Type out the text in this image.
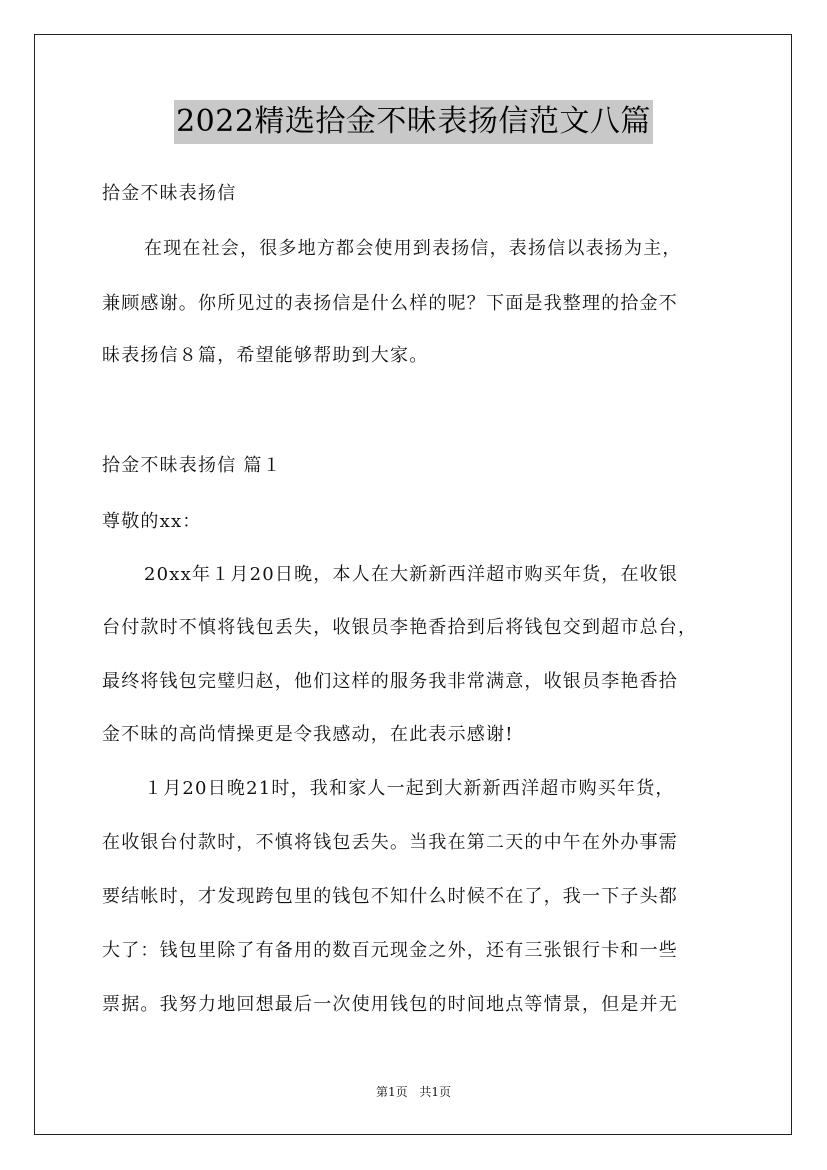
2022精选拾金不昧表扬信范文八篇
拾金不昧表扬信
在现在社会，很多地方都会使用到表扬信，表扬信以表扬为主，
兼顾感谢。你所见过的表扬信是什么样的呢？下面是我整理的拾金不
昧表扬信８篇，希望能够帮助到大家。
拾金不昧表扬信 篇１
尊敬的xx：
20xx年１月20日晚，本人在大新新西洋超市购买年货，在收银
台付款时不慎将钱包丢失，收银员李艳香拾到后将钱包交到超市总台，
最终将钱包完璧归赵，他们这样的服务我非常满意，收银员李艳香拾
金不昧的高尚情操更是令我感动，在此表示感谢!
１月20日晚21时，我和家人一起到大新新西洋超市购买年货，
在收银台付款时，不慎将钱包丢失。当我在第二天的中午在外办事需
要结帐时，才发现跨包里的钱包不知什么时候不在了，我一下子头都
大了：钱包里除了有备用的数百元现金之外，还有三张银行卡和一些
票据。我努力地回想最后一次使用钱包的时间地点等情景，但是并无
第1页 共1页
